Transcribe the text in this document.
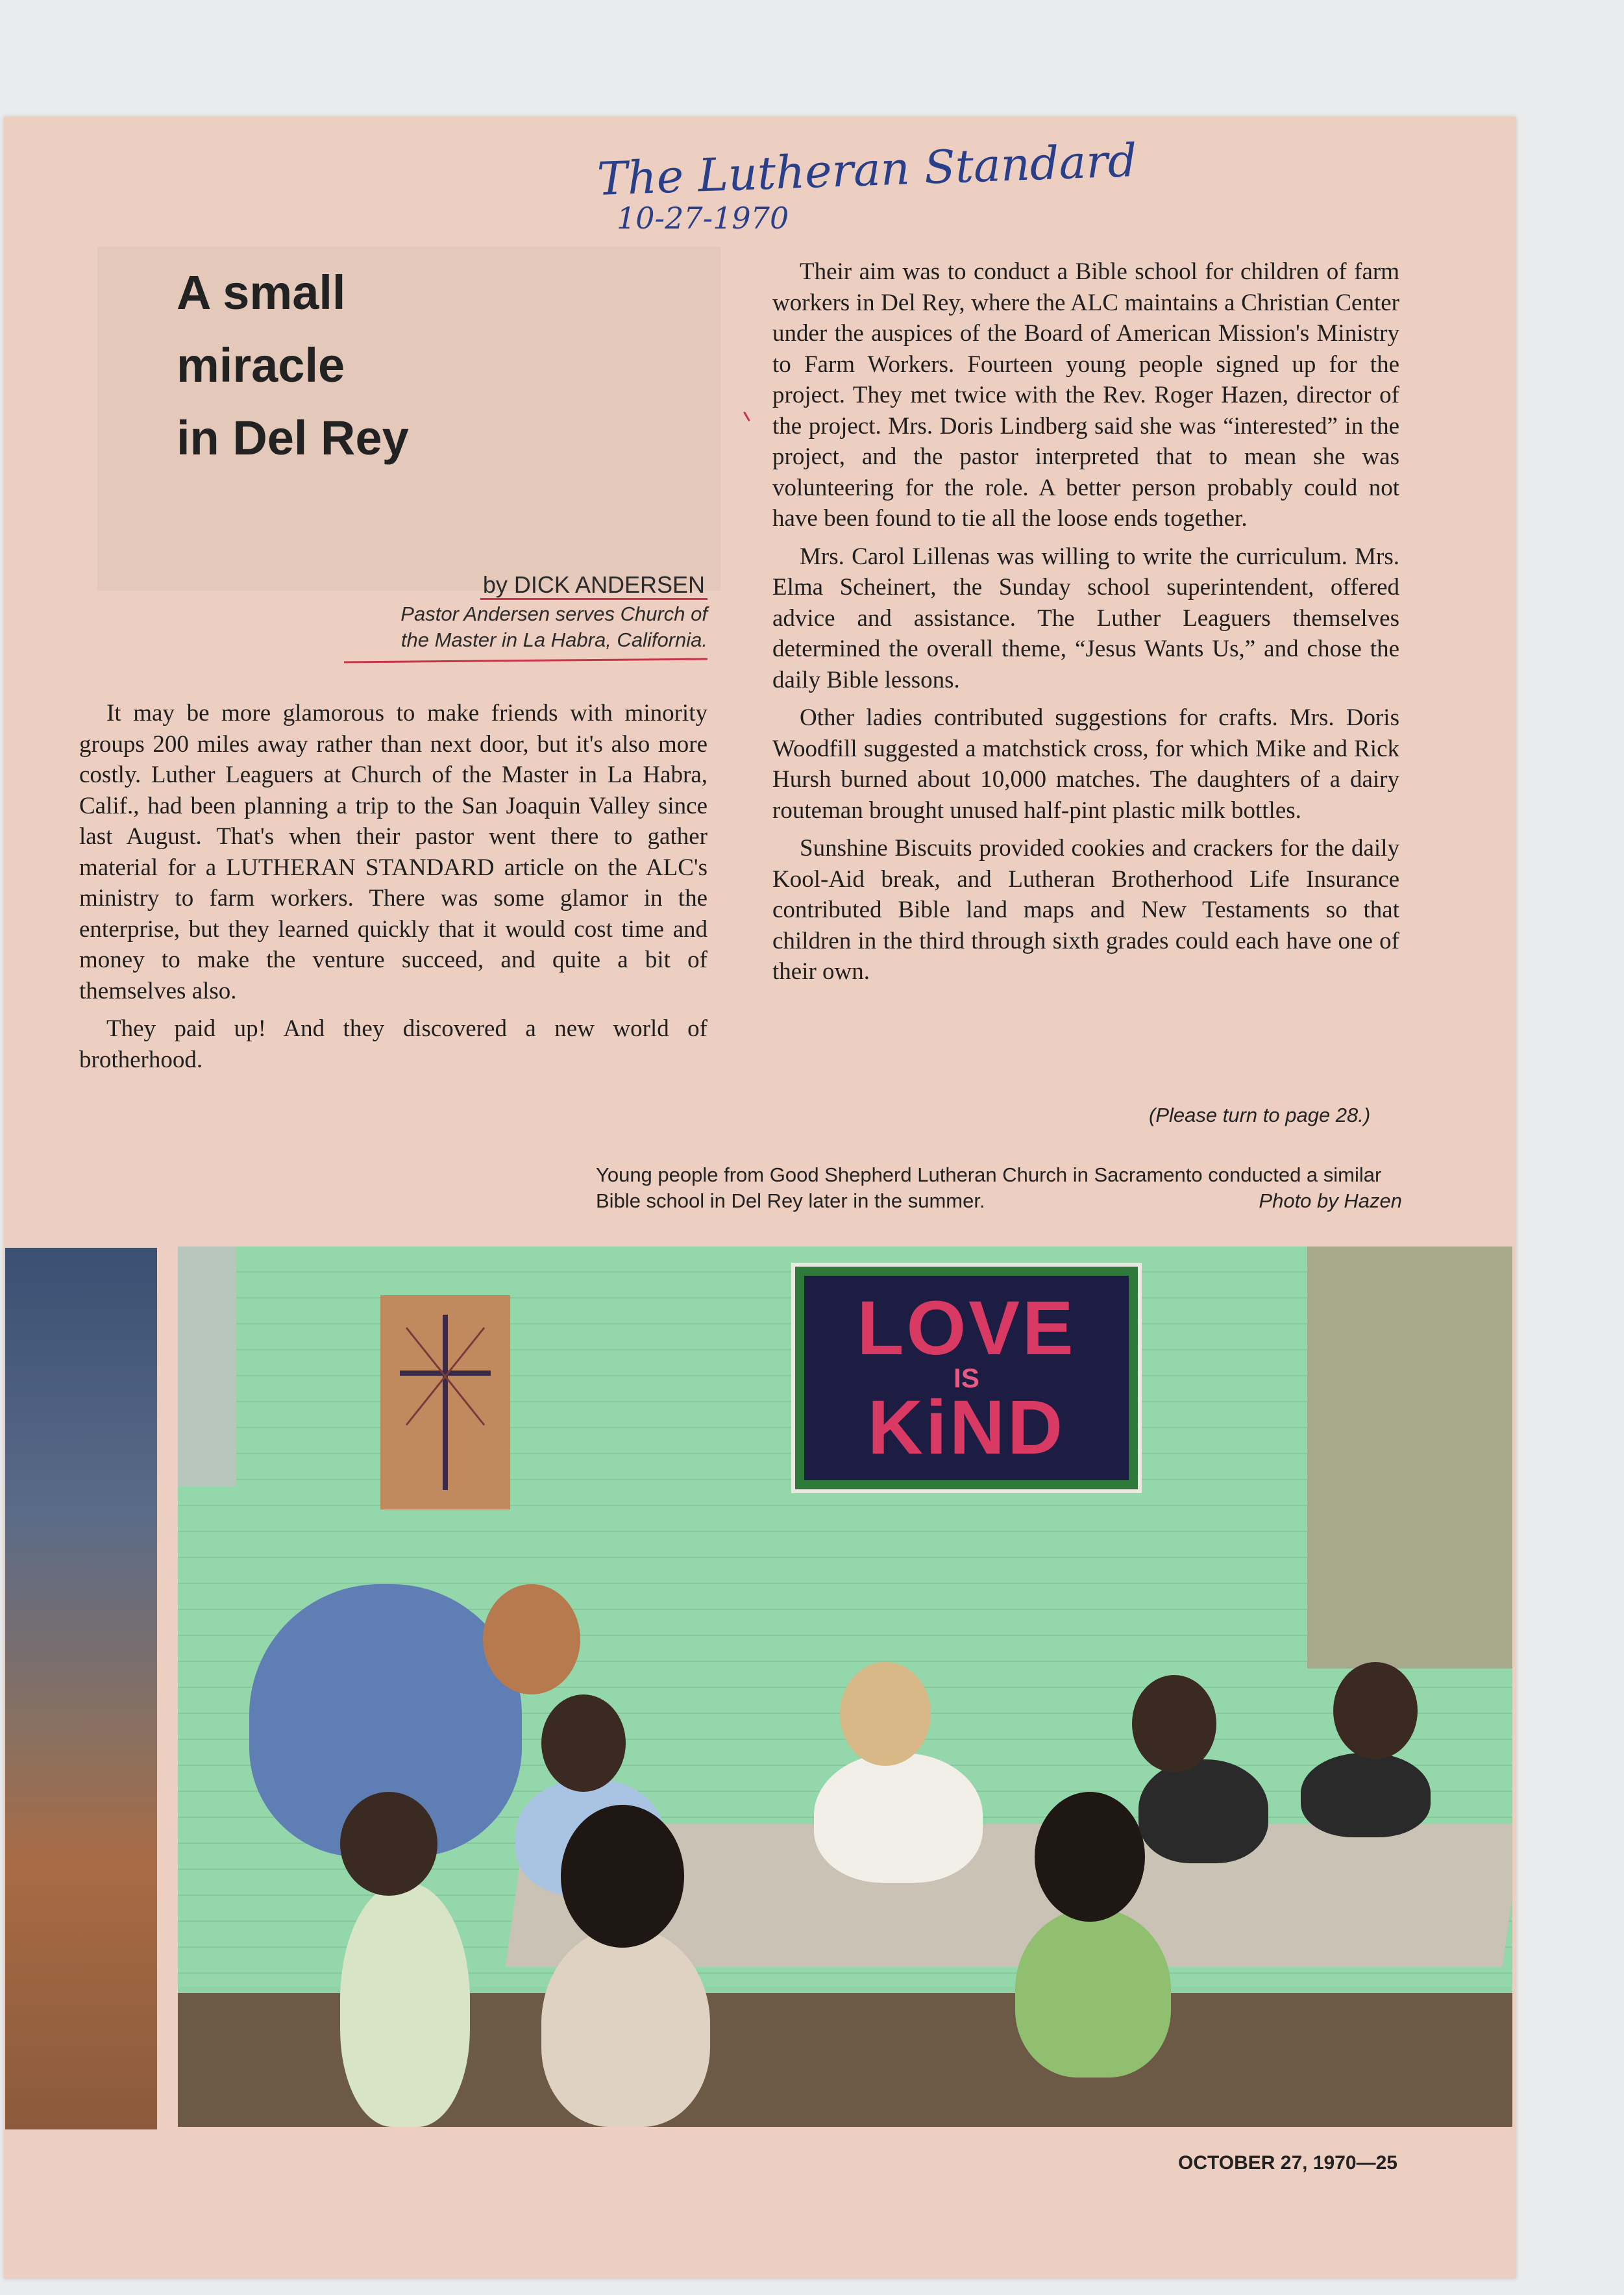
The Lutheran Standard
10-27-1970
A small
miracle
in Del Rey
by DICK ANDERSEN
Pastor Andersen serves Church of
the Master in La Habra, California.

It may be more glamorous to make friends with minority groups 200 miles away rather than next door, but it's also more costly. Luther Leaguers at Church of the Master in La Habra, Calif., had been planning a trip to the San Joaquin Valley since last August. That's when their pastor went there to gather material for a LUTHERAN STANDARD article on the ALC's ministry to farm workers. There was some glamor in the enterprise, but they learned quickly that it would cost time and money to make the venture succeed, and quite a bit of themselves also.

They paid up! And they discovered a new world of brotherhood.

Their aim was to conduct a Bible school for children of farm workers in Del Rey, where the ALC maintains a Christian Center under the auspices of the Board of American Mission's Ministry to Farm Workers. Fourteen young people signed up for the project. They met twice with the Rev. Roger Hazen, director of the project. Mrs. Doris Lindberg said she was “interested” in the project, and the pastor interpreted that to mean she was volunteering for the role. A better person probably could not have been found to tie all the loose ends together.

Mrs. Carol Lillenas was willing to write the curriculum. Mrs. Elma Scheinert, the Sunday school superintendent, offered advice and assistance. The Luther Leaguers themselves determined the overall theme, “Jesus Wants Us,” and chose the daily Bible lessons.

Other ladies contributed suggestions for crafts. Mrs. Doris Woodfill suggested a matchstick cross, for which Mike and Rick Hursh burned about 10,000 matches. The daughters of a dairy routeman brought unused half-pint plastic milk bottles.

Sunshine Biscuits provided cookies and crackers for the daily Kool-Aid break, and Lutheran Brotherhood Life Insurance contributed Bible land maps and New Testaments so that children in the third through sixth grades could each have one of their own.

(Please turn to page 28.)
Young people from Good Shepherd Lutheran Church in Sacramento conducted a similar Bible school in Del Rey later in the summer.	Photo by Hazen
LOVE
IS
KiND
OCTOBER 27, 1970—25
